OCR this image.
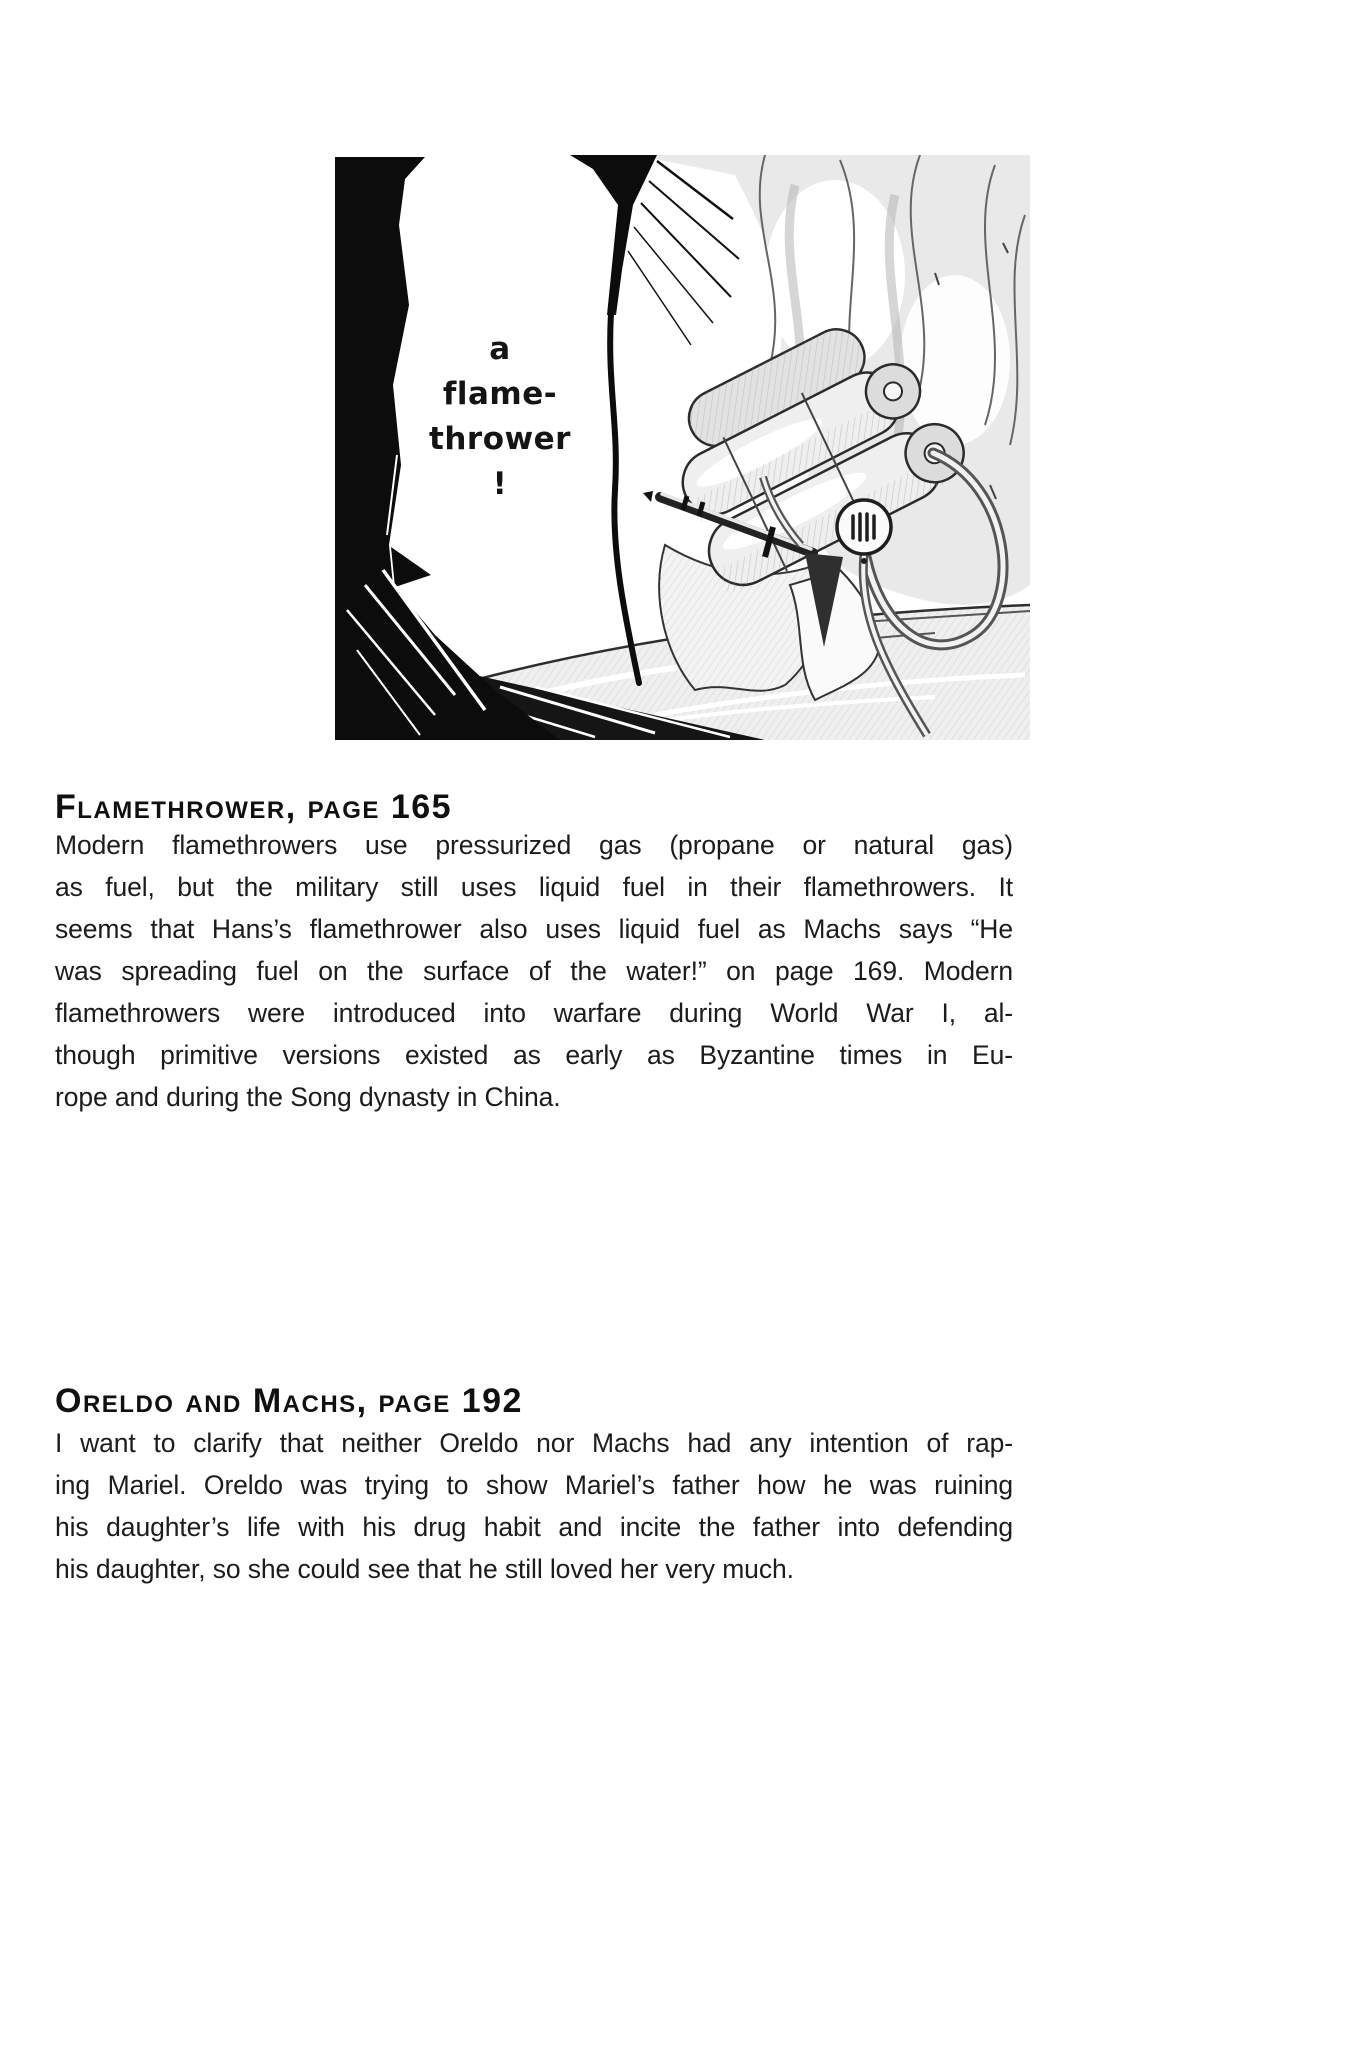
a
flame-
thrower
!
Flamethrower, page 165
Modern flamethrowers use pressurized gas (propane or natural gas)
as fuel, but the military still uses liquid fuel in their flamethrowers. It
seems that Hans’s flamethrower also uses liquid fuel as Machs says “He
was spreading fuel on the surface of the water!” on page 169. Modern
flamethrowers were introduced into warfare during World War I, al-
though primitive versions existed as early as Byzantine times in Eu-
rope and during the Song dynasty in China.
Oreldo and Machs, page 192
I want to clarify that neither Oreldo nor Machs had any intention of rap-
ing Mariel. Oreldo was trying to show Mariel’s father how he was ruining
his daughter’s life with his drug habit and incite the father into defending
his daughter, so she could see that he still loved her very much.
